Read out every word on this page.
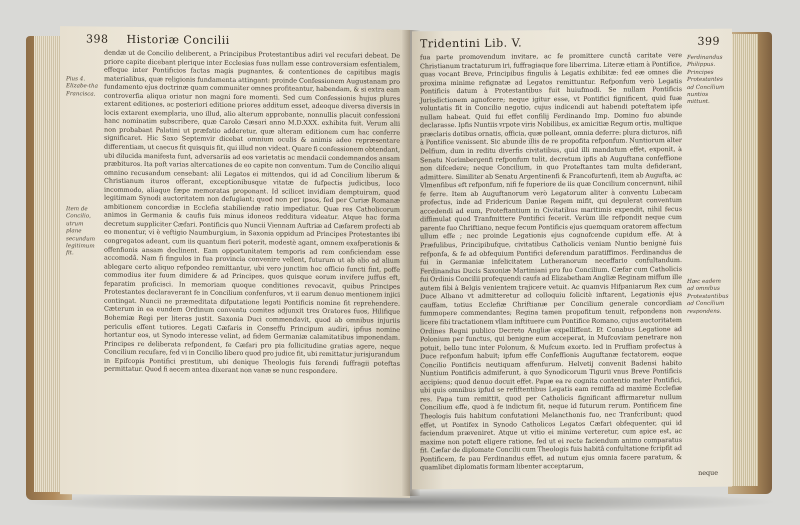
398 Historiæ Concilii
Pius 4. Elizabe-tha Francisca.
Item de Concilio, utrum plane secundum legitimum fit.
dendæ ut de Concilio deliberent, a Principibus Protestantibus adiri vel recufari debeat. De priore capite dicebant plerique inter Ecclesias fuas nullam esse controversiam esfentialem, effeque inter Pontificios factas magis pugnantes, & contentiones de capitibus magis materialibus, quæ religionis fundamenta attingant: proinde Confessionem Augustanam pro fundamento ejus doctrinæ quam communiter omnes profiteantur, habendam, & si extra eam controverfia aliqua oriatur non magni fore momenti. Sed cum Confessionis hujus plures extarent editiones, ac posteriori editione priores additum esset, adeoque diversa diversis in locis extarent exemplaria, uno illud, alio alterum approbante, nonnullis placuit confessioni hanc nominatim subscribere, quæ Carolo Cæsari anno M.D.XXX. exhibita fuit. Verum alii non probabant Palatini ut præfatio adderetur, quæ alteram editionem cum hac conferre significaret. Hic Saxo Septemvir dicebat omnium oculis & animis adeo repræsentare differentiam, ut caecus fit quisquis fit, qui illud non videat. Quare fi confessionem obtendant, ubi dilucida manifesta funt, adversariis ad eos varietatis ac mendacii condemnandos ansam præbituros. Ita poft varias altercationes de eo capite non conventum. Tum de Concilio aliqui omnino recusandum censebant: alii Legatos ei mittendos, qui id ad Concilium liberum & Christianum ituros offerant, exceptionibusque vitatæ de fufpectis judicibus, loco incommodo, aliaque fæpe memoratas proponant. Id scilicet invidiam demptuiram, quod legitimam Synodi auctoritatem non defugiant; quod non per ipsos, fed per Curiæ Romanæ ambitionem concordiæ in Ecclefia stabiliendæ ratio impediatur. Quæ res Catholicorum animos in Germania & caufis fuis minus idoneos redditura videatur. Atque hac forma decretum suppliciter Cæfari. Pontificis quo Nuncii Viennam Auftriæ ad Cæfarem profecti ab eo monentur, vi è veftigio Naumburgium, in Saxonia oppidum ad Principes Protestantes ibi congregatos adeant, cum iis quantum fieri poterit, modestè agant, omnem exafperationis & offenfionis ansam declinent. Eam opportunitatem temporis ad rem conficiendam esse accomodâ. Nam fi fingulos in fua provincia convenire vellent, futurum ut ab alio ad alium ablegare certo aliquo refpondeo remittantur, ubi vero junctim hoc officio functi fint, poffe commodius iter fuum dimidere & ad Principes, quos quisque eorum invifere juffus eft, feparatim proficisci. In memoriam quoque conditiones revocavit, quibus Principes Protestantes declaraverant fe in Concilium confenfuros, vt ii earum denuo mentionem injici contingat. Nuncii ne præmeditata difputatione legati Pontificis nomine fit reprehendere. Cæterum in ea eundem Ordinum conventu comites adjunxit tres Oratores fuos, Hilifique Bohemiæ Regi per literas justit. Saxonia Duci commendavit, quod ab omnibus injuriis periculis effent tutiores. Legati Cæfaris in Conseffu Principum audiri, ipfius nomine hortantur eos, ut Synodo interesse velint, ad fidem Germaniæ calamitatibus imponendam. Principes re deliberata refpondent, fe Cæfari pro pia follicitudine gratias agere, neque Concilium recufare, fed vi in Concilio libero quod pro judice fit, ubi remittatur jurisjurandum in Epifcopis Pontifici prestitum, ubi denique Theologis fuis ferendi fuffragii poteftas permittatur. Quod fi aecem antea dixerant non vanæ se nunc respondere.
Tridentini Lib. V.	399
fua parte promovendum invitare, ac fe promittere cunctâ caritate vere Christianum tractaturum iri, fuffragiaque fore liberrima. Literæ etiam à Pontifice, quas vocant Breve, Principibus fingulis à Legatis exhibitæ: fed eæ omnes die proxima minime refignatæ ad Legatos remittuntur. Refponfum verò Legatis Pontificis datum à Protestantibus fuit huiufmodi. Se nullam Pontificis Jurisdictionem agnofcere; neque igitur esse, vt Pontifici fignificent, quid fuæ voluntatis fit in Concilio negotio, cujus indicendi aut habendi poteftatem ipfe nullam habeat. Quid fui effet confilij Ferdinando Imp. Domino fuo abunde declarasse. Ipfis Nuntiis vrpote viris Nobilibus, ex amicitiæ Regum ortis, multique præclaris dotibus ornatis, officia, quæ polleant, omnia deferre: plura dicturos, nifi à Pontifice venissent. Sic abunde illis de re propofita refponfum. Nuntiorum alter Delfium, dum in reditu diverfis civitatibus, quid illi mandatum effet, exponit, à Senatu Norimbergenfi refponfum tulit, decretum ipfis ab Auguftana confeffione non difcedere; neque Concilium, in quo Proteftantes tam multa defiderant, admittere. Similiter ab Senatu Argentinenfi & Francofurtenfi, item ab Augufta, ac Vlmenfibus eft refponfum, nifi fe fuperiore de iis quæ Concilium concernunt, nihil fe ferre. Item ab Auguftanorum verò Legatorum aliter à conventu Lubecam profectus, inde ad Fridericum Daniæ Regem mifit, qui depulerat conventum accedendi ad eum, Proteftantium in Civitatibus maritimis expendit, nihil fecus diffimulat quod Tranfmittere Pontifici fecerit. Verùm ille refpondit neque cum parente fuo Chriftiano, neque fecum Pontificis ejus quemquam oratorem affectum ullum effe ; nec proinde Legationis ejus cognofcende cupidum effe. At à Præfulibus, Principibufque, civitatibus Catholicis veniam Nuntio benignè fuis refponfa, & fe ad obfequium Pontifici deferendum paratiffimos. Ferdinandus de fui in Germaniæ infelicitatem Lutheranorum neceffario confultandum. Ferdinandus Ducis Saxoniæ Martiniani pro fuo Concilium. Cæfar cum Catholicis fui Ordinis Concilii profequendi caufa ad Elizabetham Angliæ Reginam miffum ille autem fibi à Belgis venientem trajicere vetuit. Ac quamvis Hifpaniarum Rex cum Duce Albano vt admitteretur ad colloquiu folicitè inftarent, Legationis ejus cauffam, totius Ecclefiæ Chriftianæ per Concilium generale concordiam fummopere commendantes; Regina tamen propofitum tenuit, refpondens non licere fibi tractationem vllam inftituere cum Pontifice Romano, cujus auctoritatem Ordines Regni publico Decreto Angliæ expelliffent. Et Conabus Legatione ad Polonium per functus, qui benigne eum acceperat, in Mufcoviam penetrare non potuit, bello tunc inter Polonum, & Mufcum exorto. Ied in Pruffiam profectus à Duce refponfum habuit; ipfum effe Confeffionis Auguftanæ fectatorem, eoque Concilio Pontificis neutiquam affenfurum. Helvetij convenit Badensi habito Nuntium Pontificis admiferunt, à quo Synodicorum Tigurii vnus Breve Pontificis accipiens; quod denuo docuit effet. Papæ ea re cognita contentio mater Pontifici, ubi quis omnibus ipfud se refiftentibus Legatis eam remiffa ad maximè Ecclefiæ res. Papa tum remittit, quod per Catholicis fignificant affirmaretur nullum Concilium effe, quod à fe indictum fit, neque id futurum rerum. Pontificem fine Theologis fuis habitum confutationi Melancthonis fuo, nec Tranfcribunt; quod effet, ut Pontifex in Synodo Catholicos Legatos Cæfari obfequenter, qui id faciendum præveniret. Atque ut vitio ei minime verteretur, cum apice est, ac maxime non poteft eligere ratione, fed ut ei recte faciendum animo comparatus fit. Cæfar de diplomate Concilii cum Theologis fuis habitâ confultatione fcripfit ad Pontificem, fe pau Ferdinandus effet, ad nutum ejus omnia facere paratum, & quamlibet diplomatis formam libenter acceptarum,
Ferdinandus Philippus. Principes Protestantes ad Concilium nuntios mittunt.
Hæc eadem ad omnibus Protestantibus ad Concilium respondens.
neque
